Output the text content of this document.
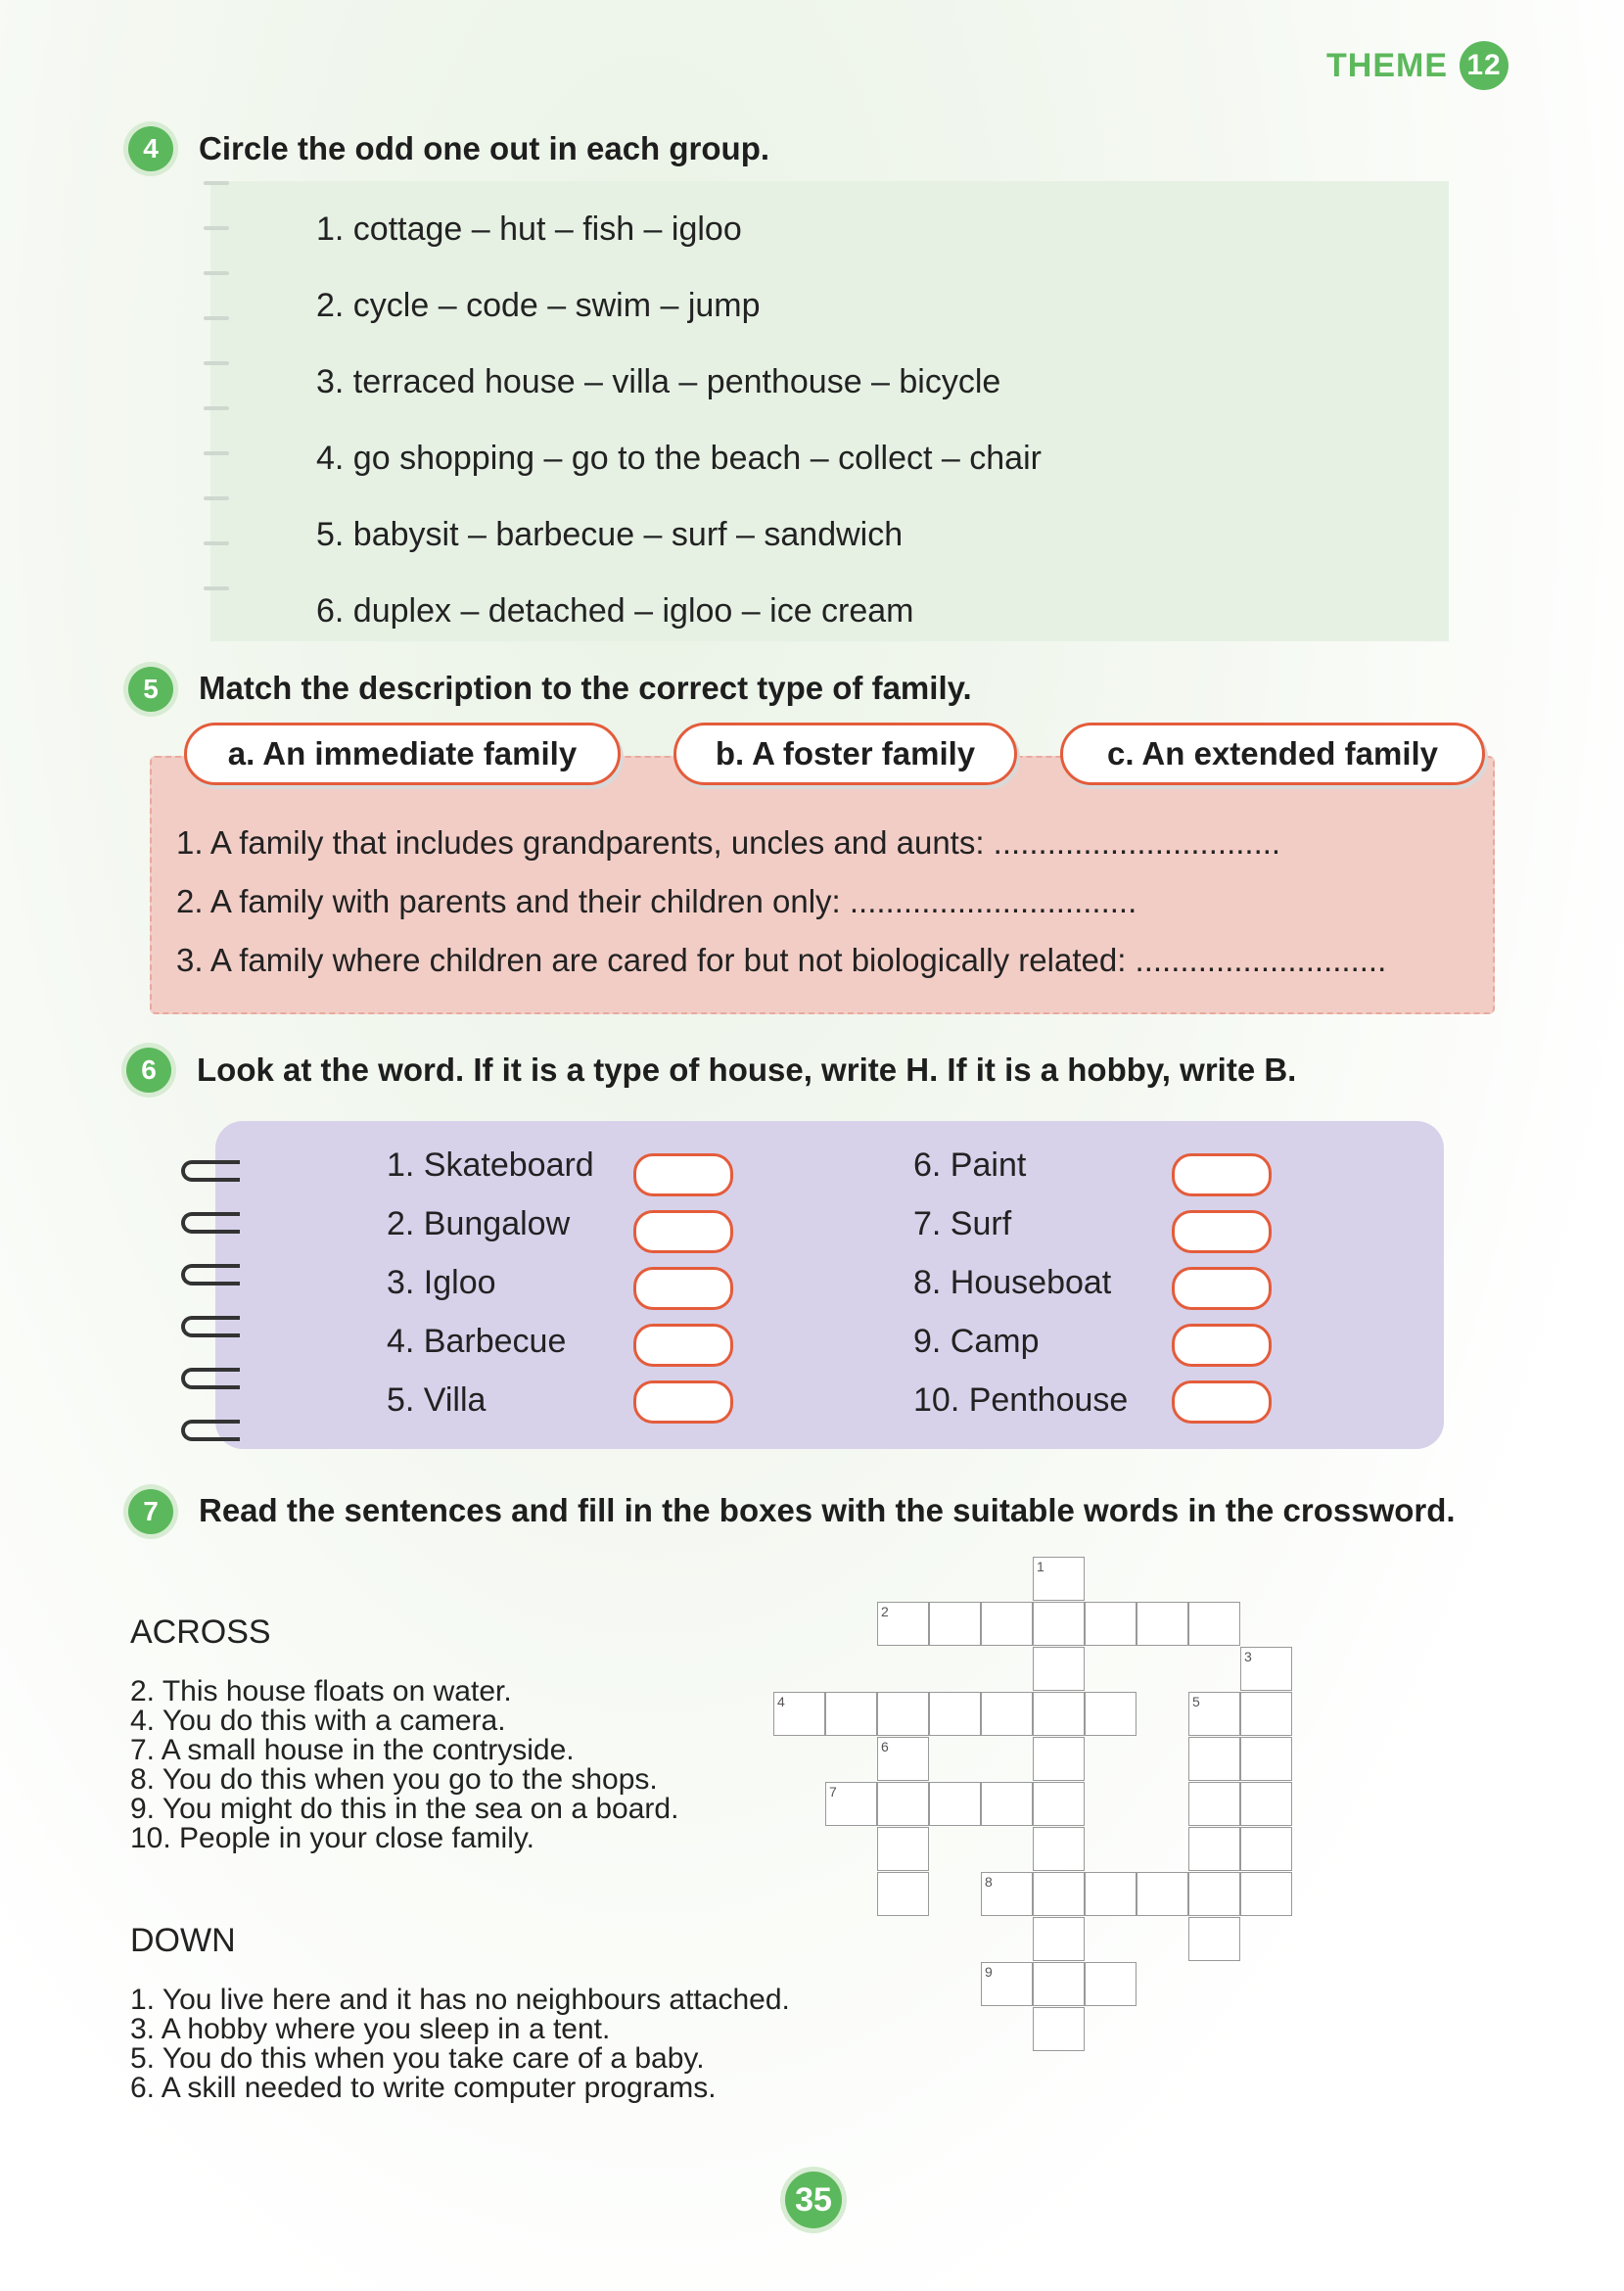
THEME 12
4	Circle the odd one out in each group.
1. cottage – hut – fish – igloo
2. cycle – code – swim – jump
3. terraced house – villa – penthouse – bicycle
4. go shopping – go to the beach – collect – chair
5. babysit – barbecue – surf – sandwich
6. duplex – detached – igloo – ice cream
5	Match the description to the correct type of family.
a. An immediate family	b. A foster family	c. An extended family
1. A family that includes grandparents, uncles and aunts: ................................
2. A family with parents and their children only: ................................
3. A family where children are cared for but not biologically related: ............................
6	Look at the word. If it is a type of house, write H. If it is a hobby, write B.
1. Skateboard
2. Bungalow
3. Igloo
4. Barbecue
5. Villa
6. Paint
7. Surf
8. Houseboat
9. Camp
10. Penthouse
7	Read the sentences and fill in the boxes with the suitable words in the crossword.
ACROSS
2. This house floats on water.
4. You do this with a camera.
7. A small house in the contryside.
8. You do this when you go to the shops.
9. You might do this in the sea on a board.
10. People in your close family.
DOWN
1. You live here and it has no neighbours attached.
3. A hobby where you sleep in a tent.
5. You do this when you take care of a baby.
6. A skill needed to write computer programs.
1
2
3
4	5
6
7
8
9
35
